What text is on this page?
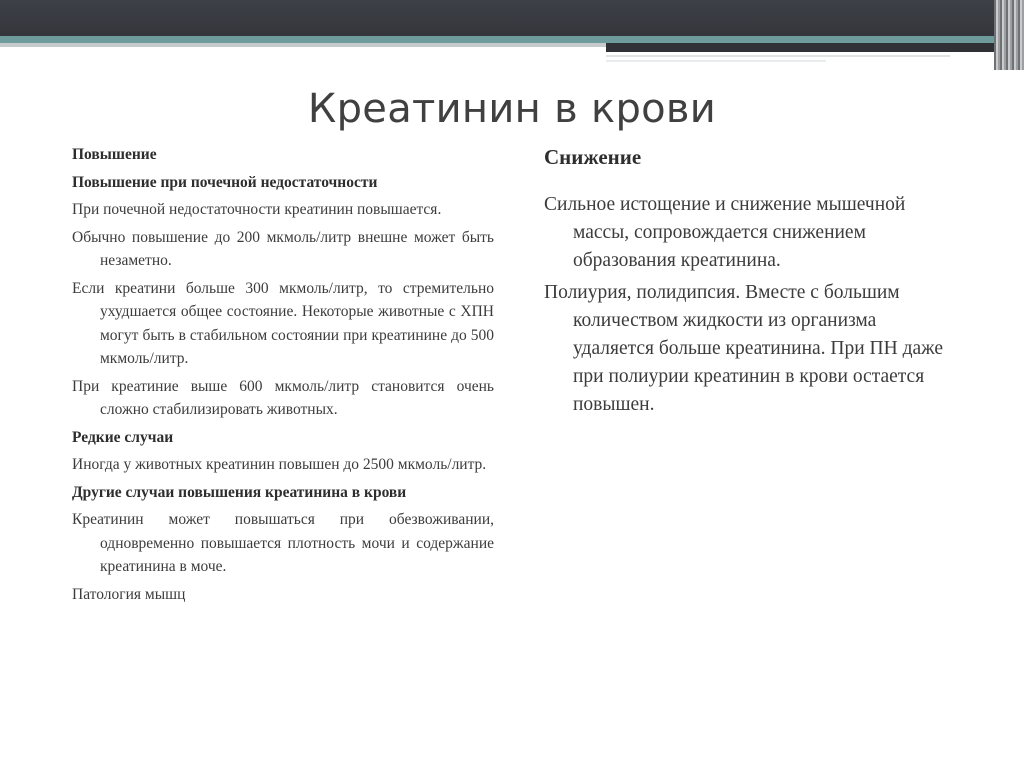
Креатинин в крови
Повышение
Повышение при почечной недостаточности
При почечной недостаточности креатинин повышается.
Обычно повышение до 200 мкмоль/литр внешне может быть незаметно.
Если креатини больше 300 мкмоль/литр, то стремительно ухудшается общее состояние. Некоторые животные с ХПН могут быть в стабильном состоянии при креатинине до 500 мкмоль/литр.
При креатиние выше 600 мкмоль/литр становится очень сложно стабилизировать животных.
Редкие случаи
Иногда у животных креатинин повышен до 2500 мкмоль/литр.
Другие случаи повышения креатинина в крови
Креатинин может повышаться при обезвоживании, одновременно повышается плотность мочи и содержание креатинина в моче.
Патология мышц
Снижение
Сильное истощение и снижение мышечной массы, сопровождается снижением образования креатинина.
Полиурия, полидипсия. Вместе с большим количеством жидкости из организма удаляется больше креатинина. При ПН даже при полиурии креатинин в крови остается повышен.
